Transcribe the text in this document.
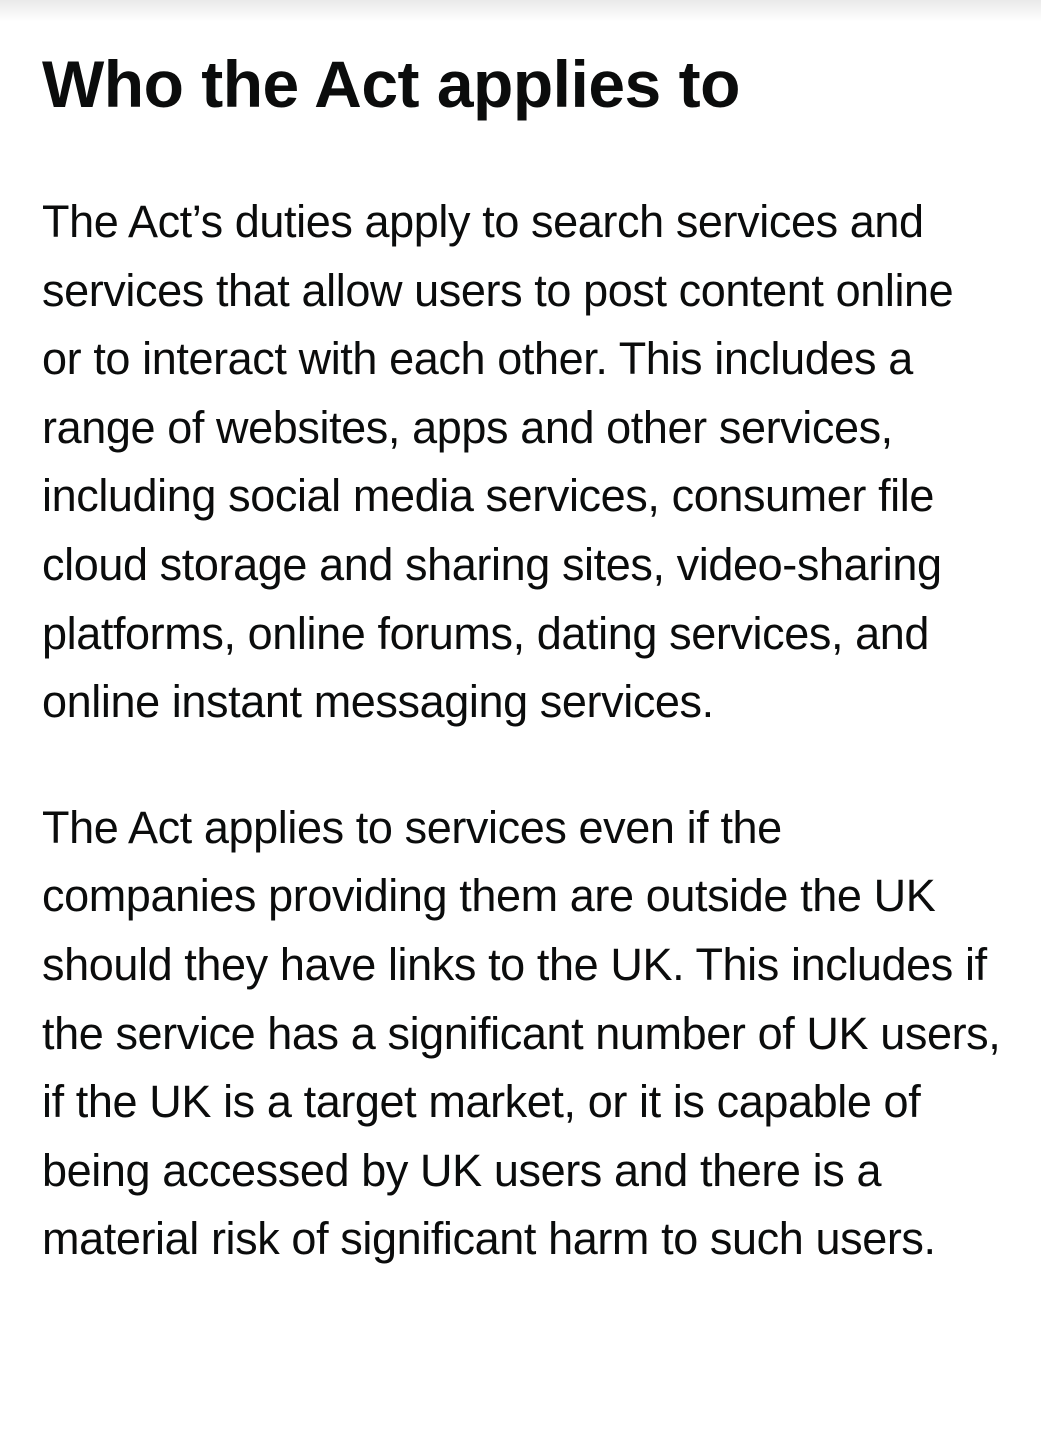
Who the Act applies to

The Act’s duties apply to search services and services that allow users to post content online or to interact with each other. This includes a range of websites, apps and other services, including social media services, consumer file cloud storage and sharing sites, video-sharing platforms, online forums, dating services, and online instant messaging services.

The Act applies to services even if the companies providing them are outside the UK should they have links to the UK. This includes if the service has a significant number of UK users, if the UK is a target market, or it is capable of being accessed by UK users and there is a material risk of significant harm to such users.
